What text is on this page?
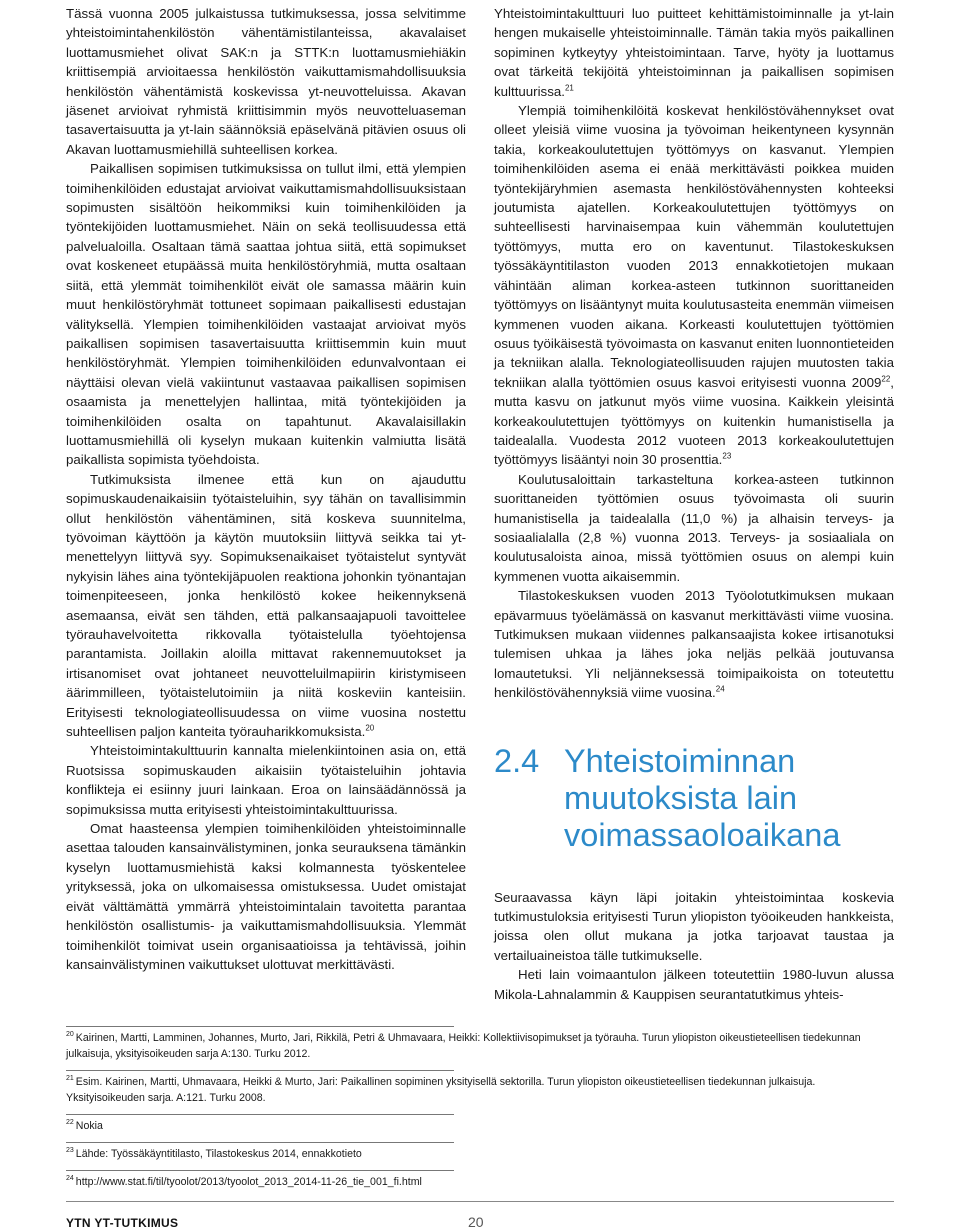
Tässä vuonna 2005 julkaistussa tutkimuksessa, jossa selvitimme yhteistoimintahenkilöstön vähentämistilanteissa, akavalaiset luottamusmiehet olivat SAK:n ja STTK:n luottamusmiehiäkin kriittisempiä arvioitaessa henkilöstön vaikuttamismahdollisuuksia henkilöstön vähentämistä koskevissa yt-neuvotteluissa. Akavan jäsenet arvioivat ryhmistä kriittisimmin myös neuvotteluaseman tasavertaisuutta ja yt-lain säännöksiä epäselvänä pitävien osuus oli Akavan luottamusmiehillä suhteellisen korkea.

Paikallisen sopimisen tutkimuksissa on tullut ilmi, että ylempien toimihenkilöiden edustajat arvioivat vaikuttamismahdollisuuksistaan sopimusten sisältöön heikommiksi kuin toimihenkilöiden ja työntekijöiden luottamusmiehet. Näin on sekä teollisuudessa että palvelualoilla. Osaltaan tämä saattaa johtua siitä, että sopimukset ovat koskeneet etupäässä muita henkilöstöryhmiä, mutta osaltaan siitä, että ylemmät toimihenkilöt eivät ole samassa määrin kuin muut henkilöstöryhmät tottuneet sopimaan paikallisesti edustajan välityksellä. Ylempien toimihenkilöiden vastaajat arvioivat myös paikallisen sopimisen tasavertaisuutta kriittisemmin kuin muut henkilöstöryhmät. Ylempien toimihenkilöiden edunvalvontaan ei näyttäisi olevan vielä vakiintunut vastaavaa paikallisen sopimisen osaamista ja menettelyjen hallintaa, mitä työntekijöiden ja toimihenkilöiden osalta on tapahtunut. Akavalaisillakin luottamusmiehillä oli kyselyn mukaan kuitenkin valmiutta lisätä paikallista sopimista työehdoista.

Tutkimuksista ilmenee että kun on ajauduttu sopimuskaudenaikaisiin työtaisteluihin, syy tähän on tavallisimmin ollut henkilöstön vähentäminen, sitä koskeva suunnitelma, työvoiman käyttöön ja käytön muutoksiin liittyvä seikka tai yt-menettelyyn liittyvä syy. Sopimuksenaikaiset työtaistelut syntyvät nykyisin lähes aina työntekijäpuolen reaktiona johonkin työnantajan toimenpiteeseen, jonka henkilöstö kokee heikennyksenä asemaansa, eivät sen tähden, että palkansaajapuoli tavoittelee työrauhavelvoitetta rikkovalla työtaistelulla työehtojensa parantamista. Joillakin aloilla mittavat rakennemuutokset ja irtisanomiset ovat johtaneet neuvotteluilmapiirin kiristymiseen äärimmilleen, työtaistelutoimiin ja niitä koskeviin kanteisiin. Erityisesti teknologiateollisuudessa on viime vuosina nostettu suhteellisen paljon kanteita työrauharikkomuksista.$^{20}$

Yhteistoimintakulttuurin kannalta mielenkiintoinen asia on, että Ruotsissa sopimuskauden aikaisiin työtaisteluihin johtavia konflikteja ei esiinny juuri lainkaan. Eroa on lainsäädännössä ja sopimuksissa mutta erityisesti yhteistoimintakulttuurissa.

Omat haasteensa ylempien toimihenkilöiden yhteistoiminnalle asettaa talouden kansainvälistyminen, jonka seurauksena tämänkin kyselyn luottamusmiehistä kaksi kolmannesta työskentelee yrityksessä, joka on ulkomaisessa omistuksessa. Uudet omistajat eivät välttämättä ymmärrä yhteistoimintalain tavoitetta parantaa henkilöstön osallistumis- ja vaikuttamismahdollisuuksia. Ylemmät toimihenkilöt toimivat usein organisaatioissa ja tehtävissä, joihin kansainvälistyminen vaikuttukset ulottuvat merkittävästi.

Yhteistoimintakulttuuri luo puitteet kehittämistoiminnalle ja yt-lain hengen mukaiselle yhteistoiminnalle. Tämän takia myös paikallinen sopiminen kytkeytyy yhteistoimintaan. Tarve, hyöty ja luottamus ovat tärkeitä tekijöitä yhteistoiminnan ja paikallisen sopimisen kulttuurissa.$^{21}$

Ylempiä toimihenkilöitä koskevat henkilöstövähennykset ovat olleet yleisiä viime vuosina ja työvoiman heikentyneen kysynnän takia, korkeakoulutettujen työttömyys on kasvanut. Ylempien toimihenkilöiden asema ei enää merkittävästi poikkea muiden työntekijäryhmien asemasta henkilöstövähennysten kohteeksi joutumista ajatellen. Korkeakoulutettujen työttömyys on suhteellisesti harvinaisempaa kuin vähemmän koulutettujen työttömyys, mutta ero on kaventunut. Tilastokeskuksen työssäkäyntitilaston vuoden 2013 ennakkotietojen mukaan vähintään aliman korkea-asteen tutkinnon suorittaneiden työttömyys on lisääntynyt muita koulutusasteita enemmän viimeisen kymmenen vuoden aikana. Korkeasti koulutettujen työttömien osuus työikäisestä työvoimasta on kasvanut eniten luonnontieteiden ja tekniikan alalla. Teknologiateollisuuden rajujen muutosten takia tekniikan alalla työttömien osuus kasvoi erityisesti vuonna 2009$^{22}$, mutta kasvu on jatkunut myös viime vuosina. Kaikkein yleisintä korkeakoulutettujen työttömyys on kuitenkin humanistisella ja taidealalla. Vuodesta 2012 vuoteen 2013 korkeakoulutettujen työttömyys lisääntyi noin 30 prosenttia.$^{23}$

Koulutusaloittain tarkasteltuna korkea-asteen tutkinnon suorittaneiden työttömien osuus työvoimasta oli suurin humanistisella ja taidealalla (11,0 %) ja alhaisin terveys- ja sosiaalialalla (2,8 %) vuonna 2013. Terveys- ja sosiaaliala on koulutusaloista ainoa, missä työttömien osuus on alempi kuin kymmenen vuotta aikaisemmin.

Tilastokeskuksen vuoden 2013 Työolotutkimuksen mukaan epävarmuus työelämässä on kasvanut merkittävästi viime vuosina. Tutkimuksen mukaan viidennes palkansaajista kokee irtisanotuksi tulemisen uhkaa ja lähes joka neljäs pelkää joutuvansa lomautetuksi. Yli neljänneksessä toimipaikoista on toteutettu henkilöstövähennyksiä viime vuosina.$^{24}$

2.4 Yhteistoiminnan muutoksista lain voimassaoloaikana

Seuraavassa käyn läpi joitakin yhteistoimintaa koskevia tutkimustuloksia erityisesti Turun yliopiston työoikeuden hankkeista, joissa olen ollut mukana ja jotka tarjoavat taustaa ja vertailuaineistoa tälle tutkimukselle.

Heti lain voimaantulon jälkeen toteutettiin 1980-luvun alussa Mikola-Lahnalammin & Kauppisen seurantatutkimus yhteis-

$^{20}$ Kairinen, Martti, Lamminen, Johannes, Murto, Jari, Rikkilä, Petri & Uhmavaara, Heikki: Kollektiivisopimukset ja työrauha. Turun yliopiston oikeustieteellisen tiedekunnan julkaisuja, yksityisoikeuden sarja A:130. Turku 2012.
$^{21}$ Esim. Kairinen, Martti, Uhmavaara, Heikki & Murto, Jari: Paikallinen sopiminen yksityisellä sektorilla. Turun yliopiston oikeustieteellisen tiedekunnan julkaisuja. Yksityisoikeuden sarja. A:121. Turku 2008.
$^{22}$ Nokia
$^{23}$ Lähde: Työssäkäyntitilasto, Tilastokeskus 2014, ennakkotieto
$^{24}$ http://www.stat.fi/til/tyoolot/2013/tyoolot_2013_2014-11-26_tie_001_fi.html
YTN YT-TUTKIMUS	20
